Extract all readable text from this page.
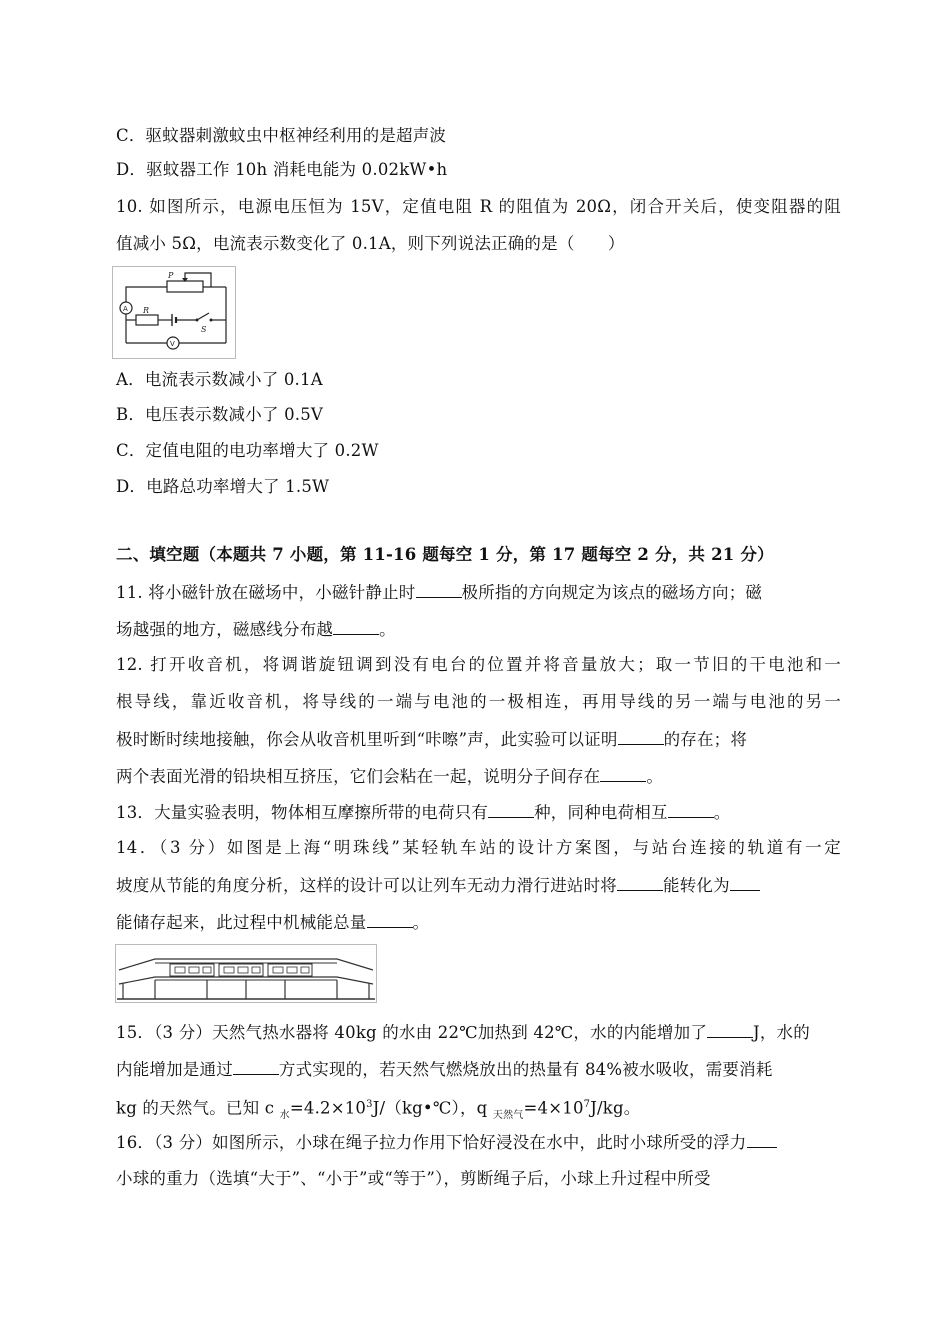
C．驱蚊器刺激蚊虫中枢神经利用的是超声波
D．驱蚊器工作 10h 消耗电能为 0.02kW•h
10. 如图所示，电源电压恒为 15V，定值电阻 R 的阻值为 20Ω，闭合开关后，使变阻器的阻
值减小 5Ω，电流表示数变化了 0.1A，则下列说法正确的是（　　）
P
A R
S
V
A．电流表示数减小了 0.1A
B．电压表示数减小了 0.5V
C．定值电阻的电功率增大了 0.2W
D．电路总功率增大了 1.5W
二、填空题（本题共 7 小题，第 11-16 题每空 1 分，第 17 题每空 2 分，共 21 分）
11. 将小磁针放在磁场中，小磁针静止时	极所指的方向规定为该点的磁场方向；磁
场越强的地方，磁感线分布越	。
12. 打开收音机，将调谐旋钮调到没有电台的位置并将音量放大；取一节旧的干电池和一
根导线，靠近收音机，将导线的一端与电池的一极相连，再用导线的另一端与电池的另一
极时断时续地接触，你会从收音机里听到“咔嚓”声，此实验可以证明	的存在；将
两个表面光滑的铅块相互挤压，它们会粘在一起，说明分子间存在	。
13．大量实验表明，物体相互摩擦所带的电荷只有	种，同种电荷相互	。
14．（3 分）如图是上海“明珠线”某轻轨车站的设计方案图，与站台连接的轨道有一定
坡度从节能的角度分析，这样的设计可以让列车无动力滑行进站时将	能转化为
能储存起来，此过程中机械能总量	。
15．（3 分）天然气热水器将 40kg 的水由 22℃加热到 42℃，水的内能增加了	J，水的
内能增加是通过	方式实现的，若天然气燃烧放出的热量有 84%被水吸收，需要消耗
kg 的天然气。已知 c $_水=4.2\times 10^3J/(kg•℃)$，q $_{天然气}=4\times 10^7J/kg$。
16．（3 分）如图所示，小球在绳子拉力作用下恰好浸没在水中，此时小球所受的浮力
小球的重力（选填“大于”、“小于”或“等于”），剪断绳子后，小球上升过程中所受
